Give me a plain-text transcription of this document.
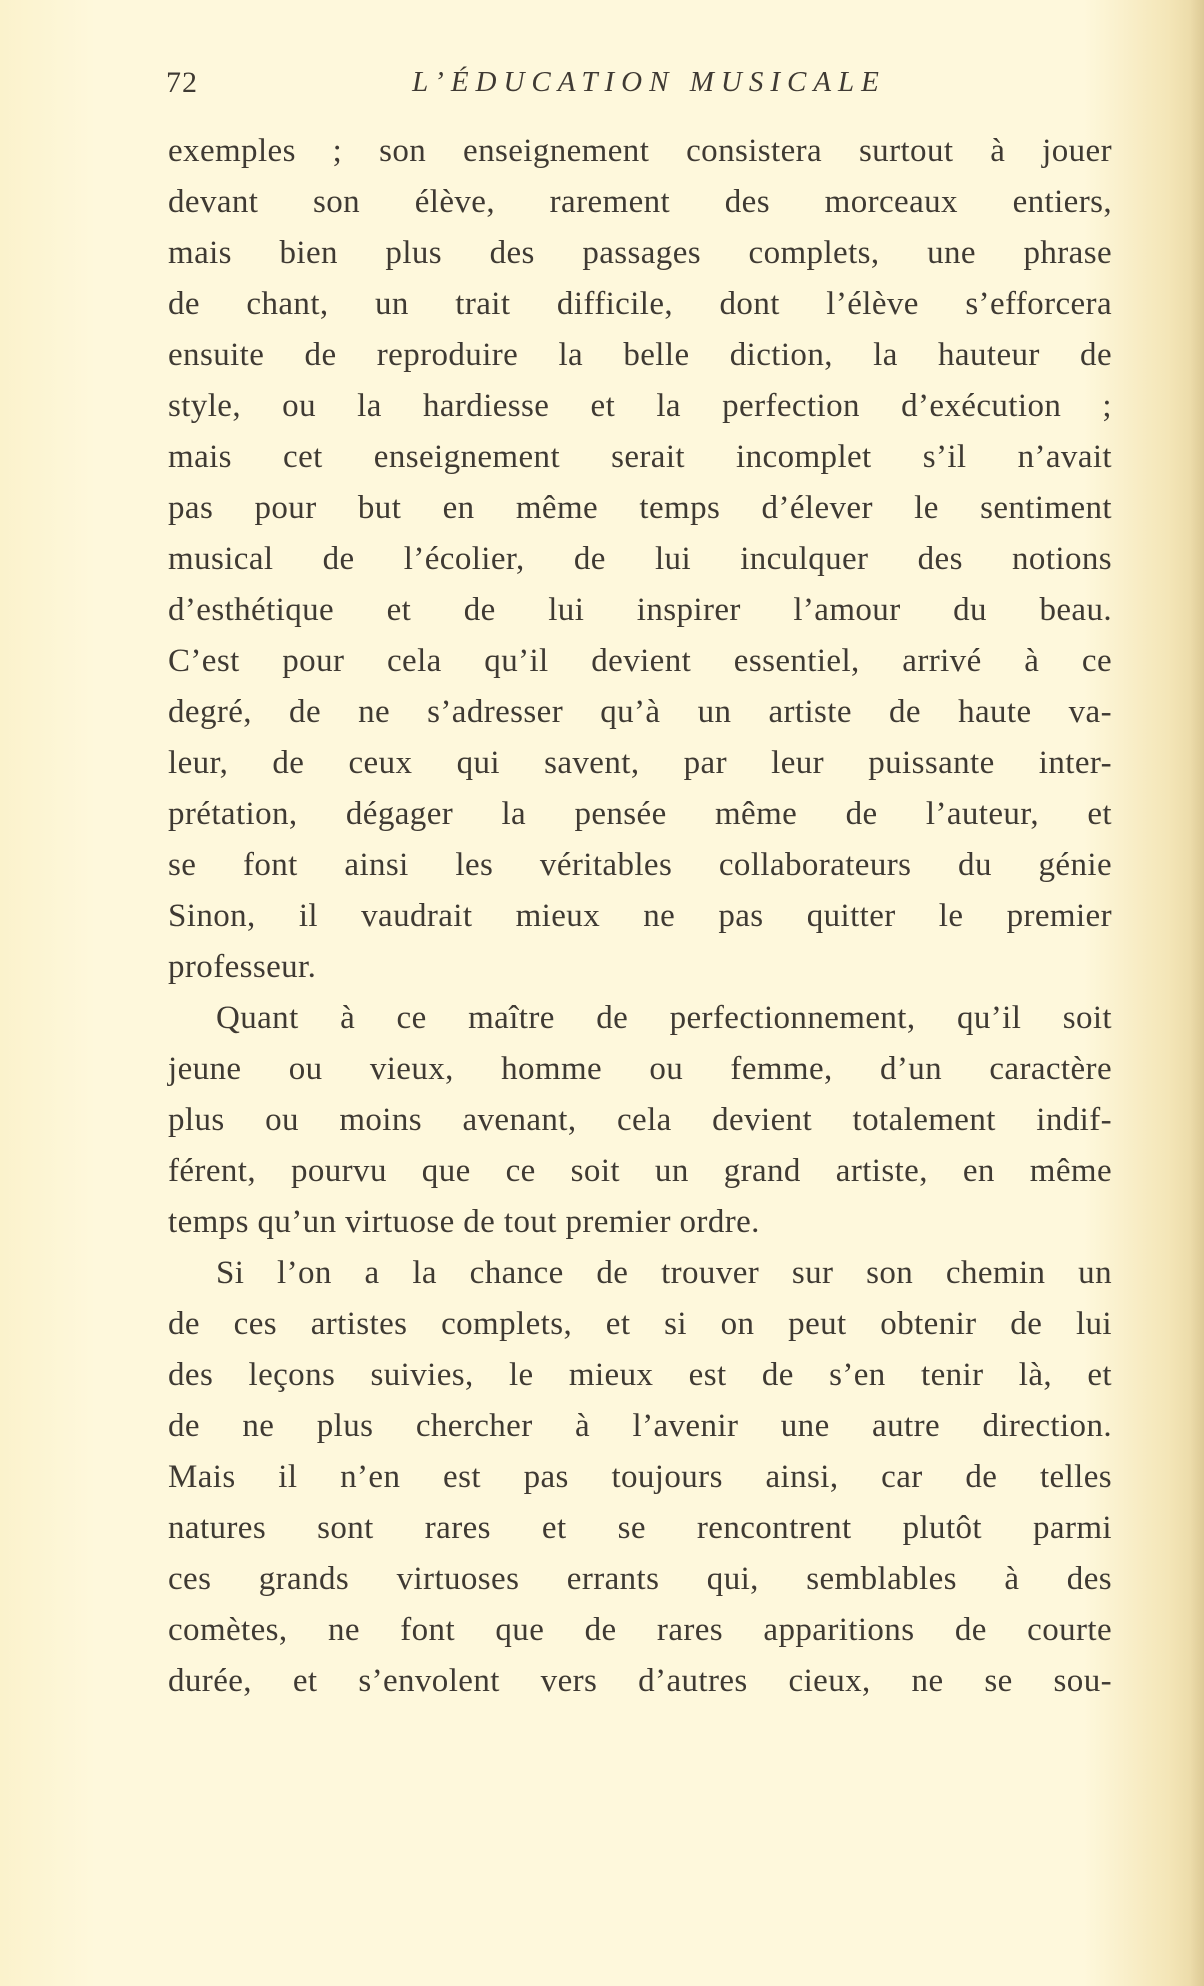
72	L’ÉDUCATION MUSICALE
exemples ; son enseignement consistera surtout à jouer
devant son élève, rarement des morceaux entiers,
mais bien plus des passages complets, une phrase
de chant, un trait difficile, dont l’élève s’efforcera
ensuite de reproduire la belle diction, la hauteur de
style, ou la hardiesse et la perfection d’exécution ;
mais cet enseignement serait incomplet s’il n’avait
pas pour but en même temps d’élever le sentiment
musical de l’écolier, de lui inculquer des notions
d’esthétique et de lui inspirer l’amour du beau.
C’est pour cela qu’il devient essentiel, arrivé à ce
degré, de ne s’adresser qu’à un artiste de haute va-
leur, de ceux qui savent, par leur puissante inter-
prétation, dégager la pensée même de l’auteur, et
se font ainsi les véritables collaborateurs du génie
Sinon, il vaudrait mieux ne pas quitter le premier
professeur.
Quant à ce maître de perfectionnement, qu’il soit
jeune ou vieux, homme ou femme, d’un caractère
plus ou moins avenant, cela devient totalement indif-
férent, pourvu que ce soit un grand artiste, en même
temps qu’un virtuose de tout premier ordre.
Si l’on a la chance de trouver sur son chemin un
de ces artistes complets, et si on peut obtenir de lui
des leçons suivies, le mieux est de s’en tenir là, et
de ne plus chercher à l’avenir une autre direction.
Mais il n’en est pas toujours ainsi, car de telles
natures sont rares et se rencontrent plutôt parmi
ces grands virtuoses errants qui, semblables à des
comètes, ne font que de rares apparitions de courte
durée, et s’envolent vers d’autres cieux, ne se sou-
